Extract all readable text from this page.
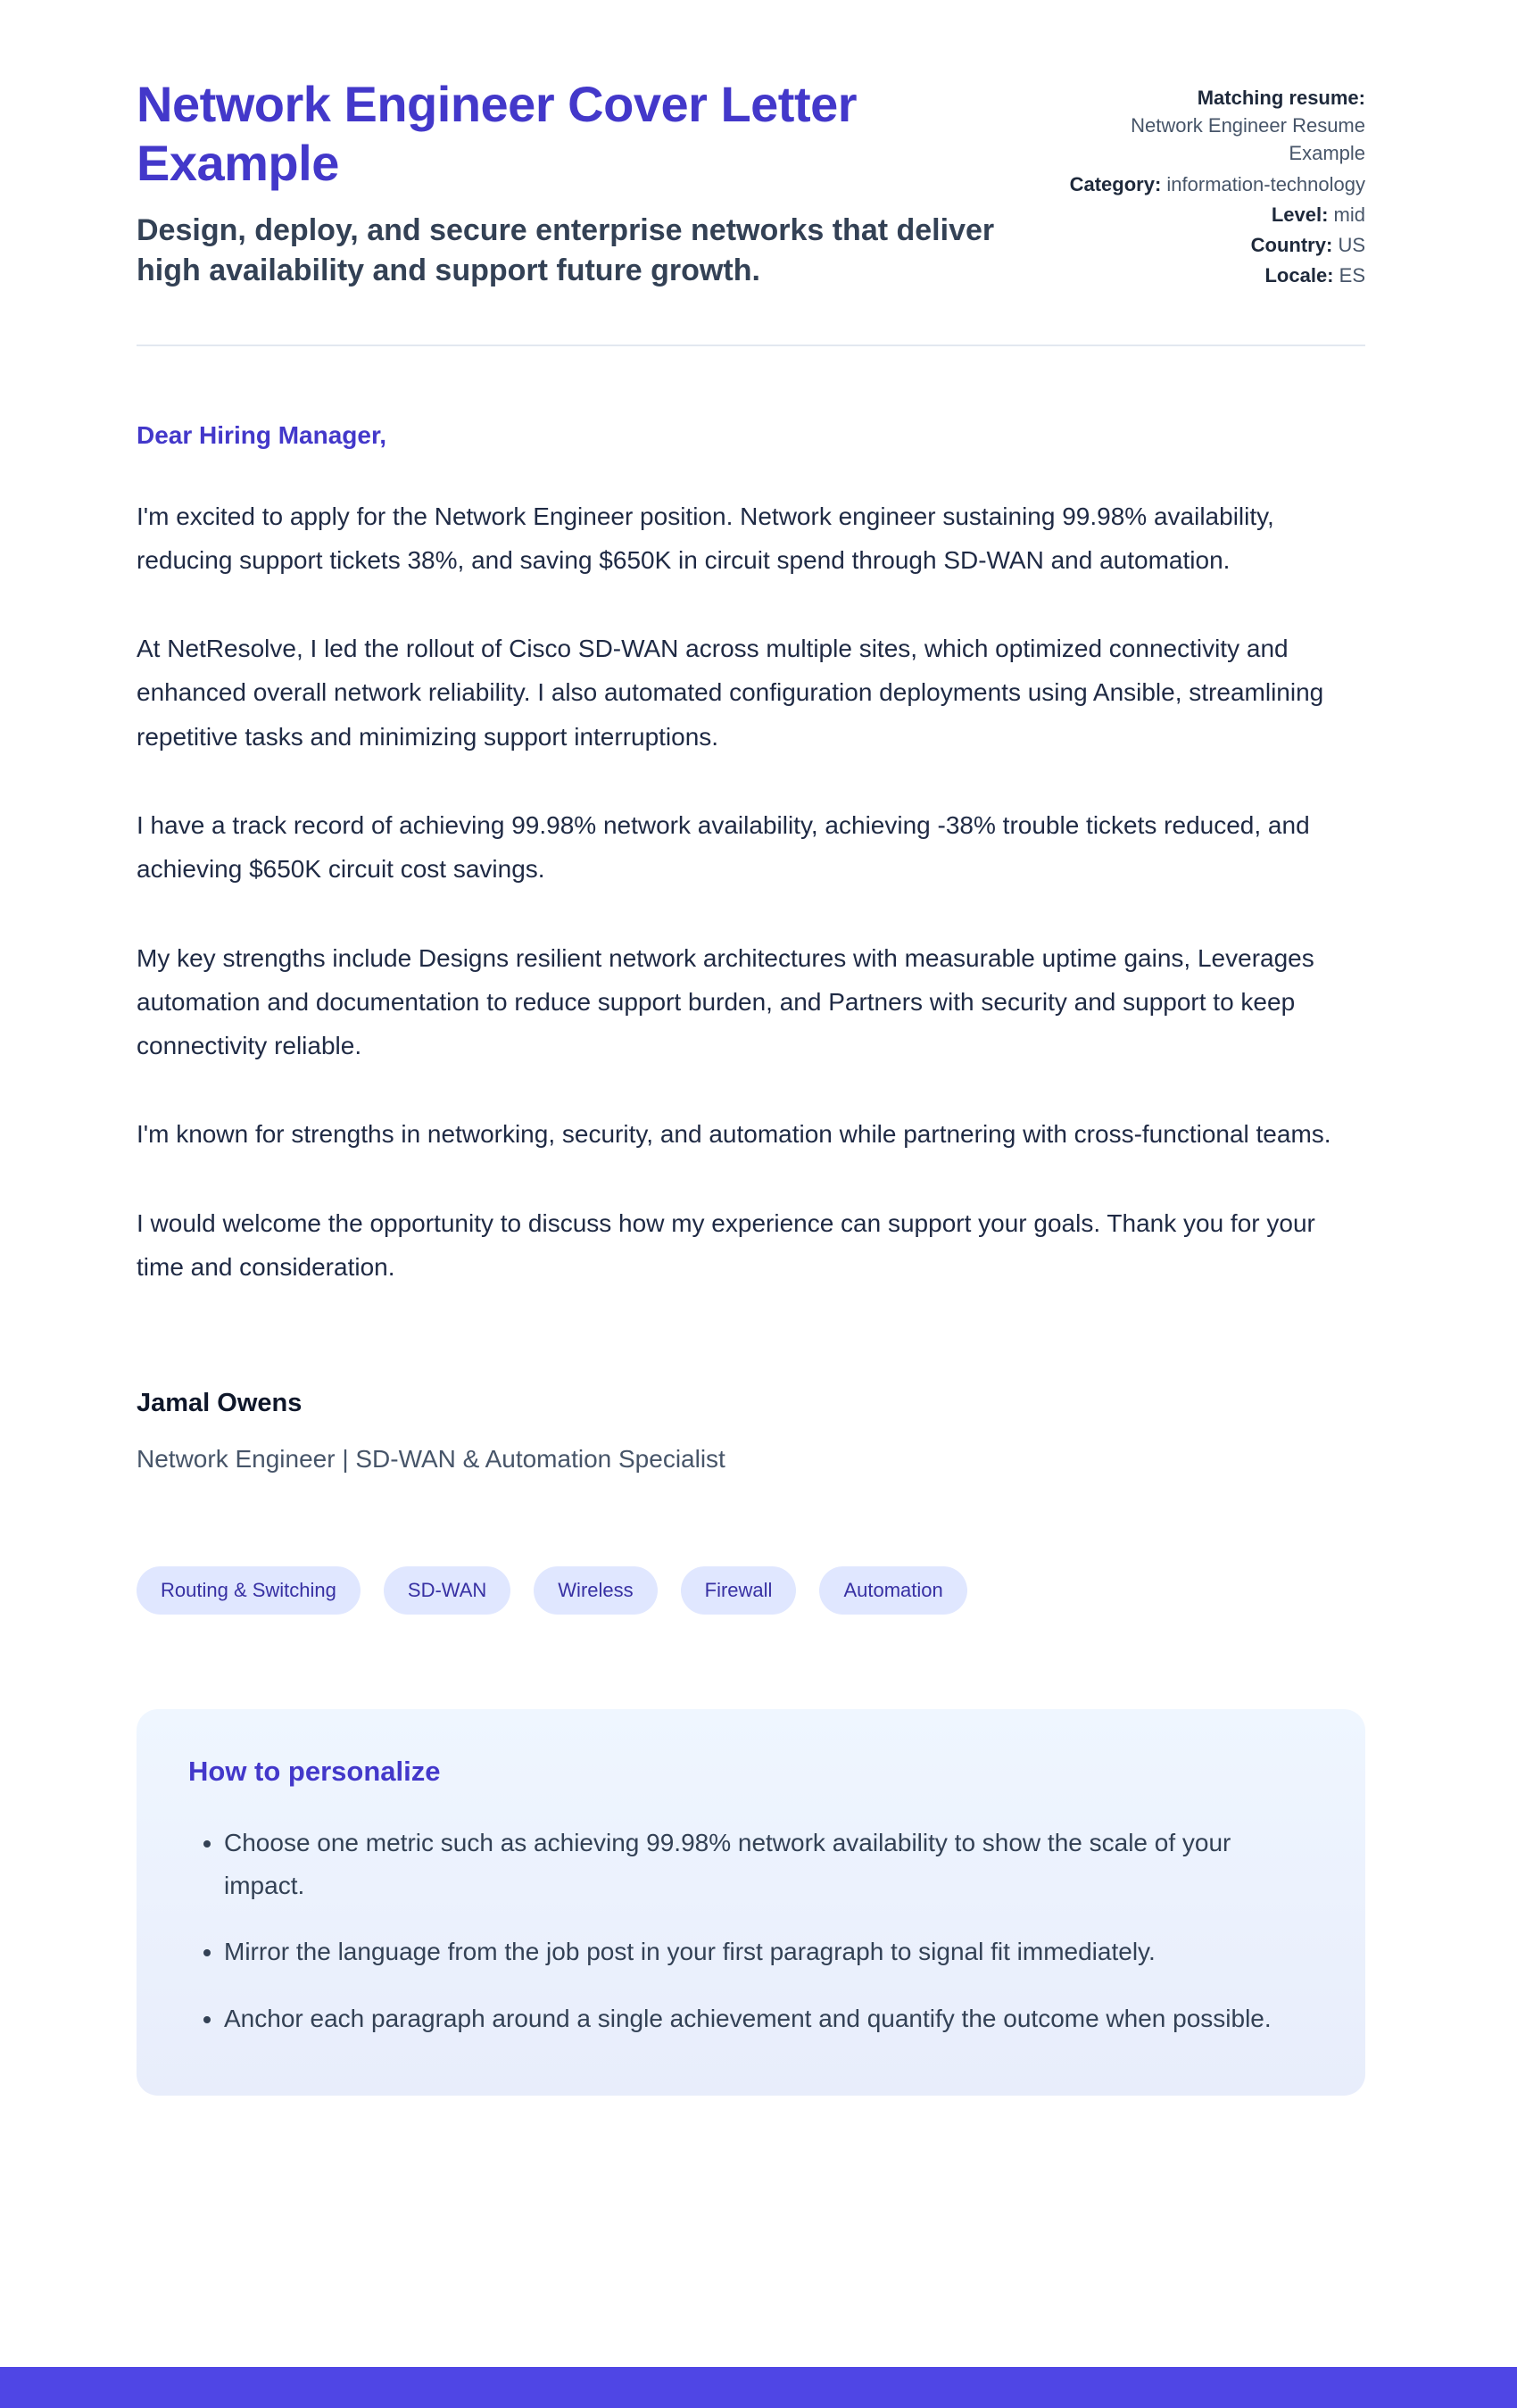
Network Engineer Cover Letter Example

Design, deploy, and secure enterprise networks that deliver high availability and support future growth.

Matching resume:
Network Engineer Resume Example
Category: information-technology
Level: mid
Country: US
Locale: ES

Dear Hiring Manager,

I'm excited to apply for the Network Engineer position. Network engineer sustaining 99.98% availability, reducing support tickets 38%, and saving $650K in circuit spend through SD-WAN and automation.

At NetResolve, I led the rollout of Cisco SD-WAN across multiple sites, which optimized connectivity and enhanced overall network reliability. I also automated configuration deployments using Ansible, streamlining repetitive tasks and minimizing support interruptions.

I have a track record of achieving 99.98% network availability, achieving -38% trouble tickets reduced, and achieving $650K circuit cost savings.

My key strengths include Designs resilient network architectures with measurable uptime gains, Leverages automation and documentation to reduce support burden, and Partners with security and support to keep connectivity reliable.

I'm known for strengths in networking, security, and automation while partnering with cross-functional teams.

I would welcome the opportunity to discuss how my experience can support your goals. Thank you for your time and consideration.

Jamal Owens

Network Engineer | SD-WAN & Automation Specialist

Routing & Switching	SD-WAN	Wireless	Firewall	Automation
How to personalize
• Choose one metric such as achieving 99.98% network availability to show the scale of your impact.
• Mirror the language from the job post in your first paragraph to signal fit immediately.
• Anchor each paragraph around a single achievement and quantify the outcome when possible.
